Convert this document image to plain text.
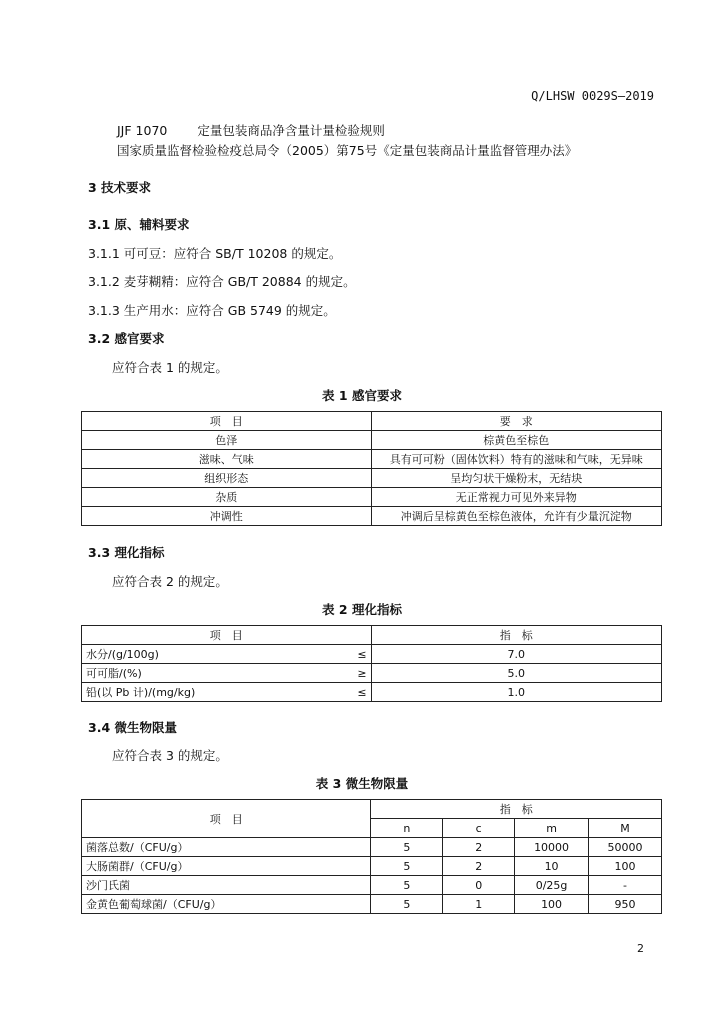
Q/LHSW 0029S—2019
JJF 1070 定量包装商品净含量计量检验规则
国家质量监督检验检疫总局令（2005）第75号《定量包装商品计量监督管理办法》
3 技术要求
3.1 原、辅料要求
3.1.1 可可豆：应符合 SB/T 10208 的规定。
3.1.2 麦芽糊精：应符合 GB/T 20884 的规定。
3.1.3 生产用水：应符合 GB 5749 的规定。
3.2 感官要求
应符合表 1 的规定。
表 1 感官要求
项　目	要　求
色泽	棕黄色至棕色
滋味、气味	具有可可粉（固体饮料）特有的滋味和气味，无异味
组织形态	呈均匀状干燥粉末，无结块
杂质	无正常视力可见外来异物
冲调性	冲调后呈棕黄色至棕色液体，允许有少量沉淀物
3.3 理化指标
应符合表 2 的规定。
表 2 理化指标
项　目		指　标
水分/(g/100g)	≤	7.0
可可脂/(%)	≥	5.0
铅(以 Pb 计)/(mg/kg)	≤	1.0
3.4 微生物限量
应符合表 3 的规定。
表 3 微生物限量
项　目	指　标			
	n	c	m	M
菌落总数/（CFU/g）	5	2	10000	50000
大肠菌群/（CFU/g）	5	2	10	100
沙门氏菌	5	0	0/25g	-
金黄色葡萄球菌/（CFU/g）	5	1	100	950
2
